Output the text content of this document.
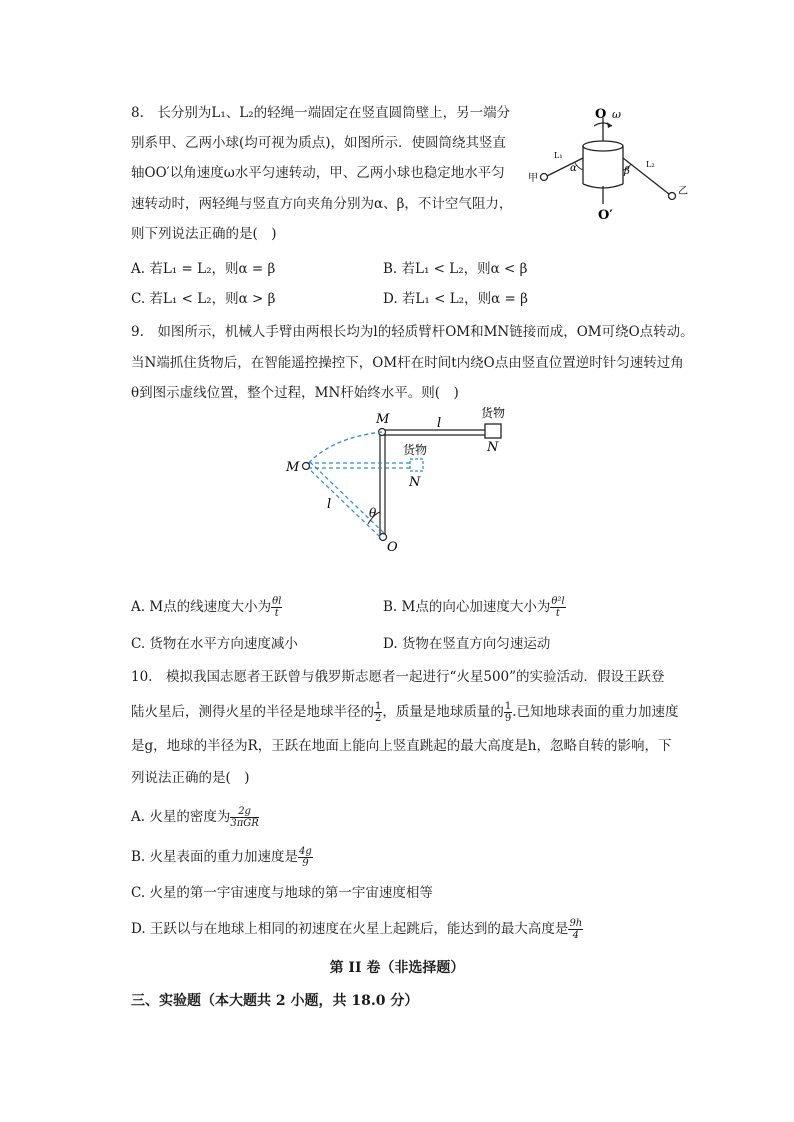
8.　长分别为L₁、L₂的轻绳一端固定在竖直圆筒壁上，另一端分
别系甲、乙两小球(均可视为质点)，如图所示．使圆筒绕其竖直
轴OO′以角速度ω水平匀速转动，甲、乙两小球也稳定地水平匀
速转动时，两轻绳与竖直方向夹角分别为α、β，不计空气阻力，
则下列说法正确的是(　)
O ω
L₁
L₂
α	β
甲
乙
O′
A. 若L₁ = L₂，则α = β	B. 若L₁ < L₂，则α < β
C. 若L₁ < L₂，则α > β	D. 若L₁ < L₂，则α = β
9.　如图所示，机械人手臂由两根长均为l的轻质臂杆OM和MN链接而成，OM可绕O点转动。
当N端抓住货物后，在智能遥控操控下，OM杆在时间t内绕O点由竖直位置逆时针匀速转过角
θ到图示虚线位置，整个过程，MN杆始终水平。则(　)
M	l
货物
N
M
货物
N
l
θ
O
A. M点的线速度大小为 $\frac{\theta l}{t}$	B. M点的向心加速度大小为 $\frac{\text{θ²l}}{t}$
C. 货物在水平方向速度减小	D. 货物在竖直方向匀速运动
10.　模拟我国志愿者王跃曾与俄罗斯志愿者一起进行“火星500”的实验活动．假设王跃登
陆火星后，测得火星的半径是地球半径的 $\frac{1}{2}$ ，质量是地球质量的 $\frac{1}{9}$ .已知地球表面的重力加速度
是g，地球的半径为R，王跃在地面上能向上竖直跳起的最大高度是h，忽略自转的影响，下
列说法正确的是(　)
A. 火星的密度为 2g
3πGR
B. 火星表面的重力加速度是 $\frac{4g}{9}$
C. 火星的第一宇宙速度与地球的第一宇宙速度相等
D. 王跃以与在地球上相同的初速度在火星上起跳后，能达到的最大高度是 $\frac{9h}{4}$
第 II 卷（非选择题）
三、实验题（本大题共 2 小题，共 18.0 分）
